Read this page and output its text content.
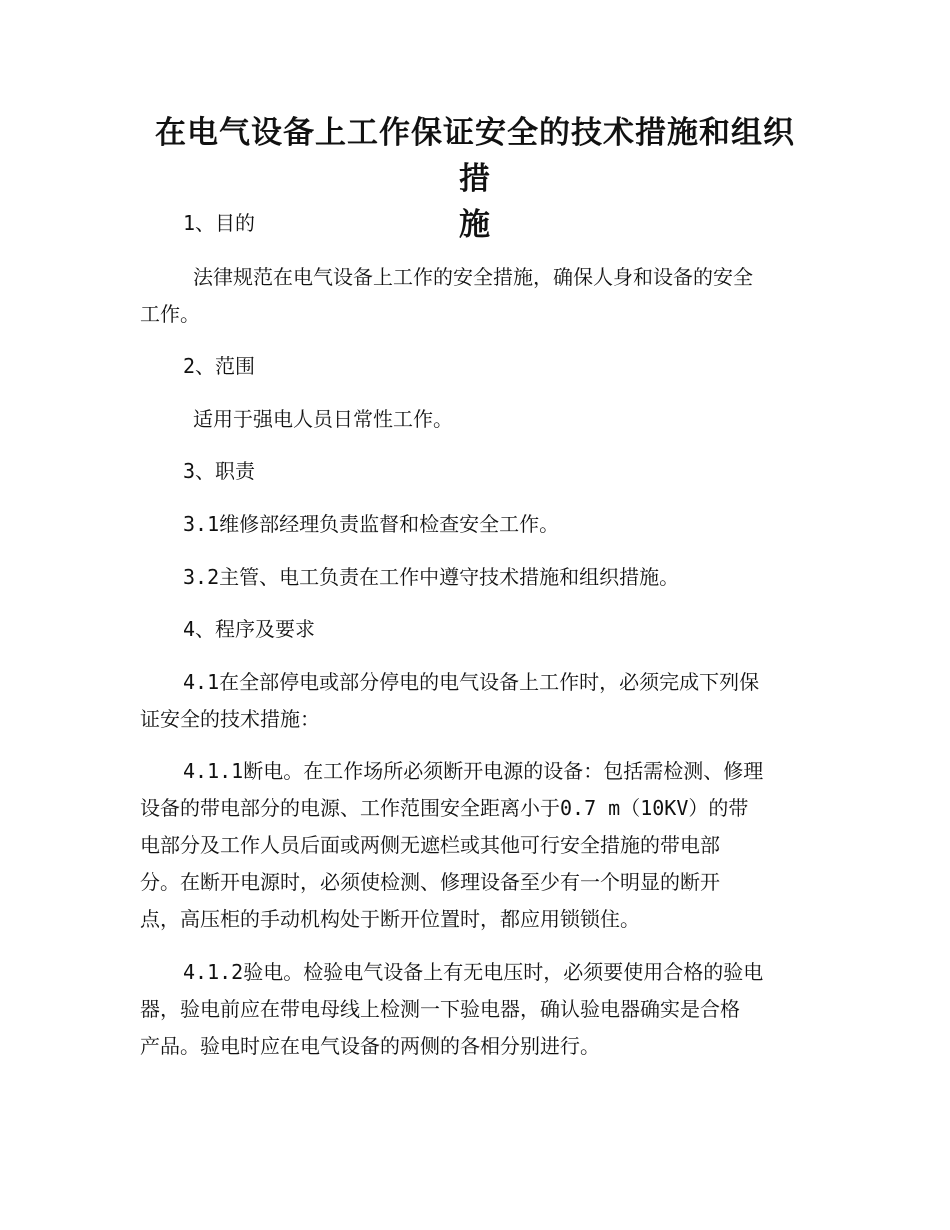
在电气设备上工作保证安全的技术措施和组织措
施

1、目的

法律规范在电气设备上工作的安全措施，确保人身和设备的安全

工作。

2、范围

适用于强电人员日常性工作。

3、职责

3.1维修部经理负责监督和检查安全工作。

3.2主管、电工负责在工作中遵守技术措施和组织措施。

4、程序及要求

4.1在全部停电或部分停电的电气设备上工作时，必须完成下列保

证安全的技术措施：

4.1.1断电。在工作场所必须断开电源的设备：包括需检测、修理

设备的带电部分的电源、工作范围安全距离小于0.7 m（10KV）的带

电部分及工作人员后面或两侧无遮栏或其他可行安全措施的带电部

分。在断开电源时，必须使检测、修理设备至少有一个明显的断开

点，高压柜的手动机构处于断开位置时，都应用锁锁住。

4.1.2验电。检验电气设备上有无电压时，必须要使用合格的验电

器，验电前应在带电母线上检测一下验电器，确认验电器确实是合格

产品。验电时应在电气设备的两侧的各相分别进行。
